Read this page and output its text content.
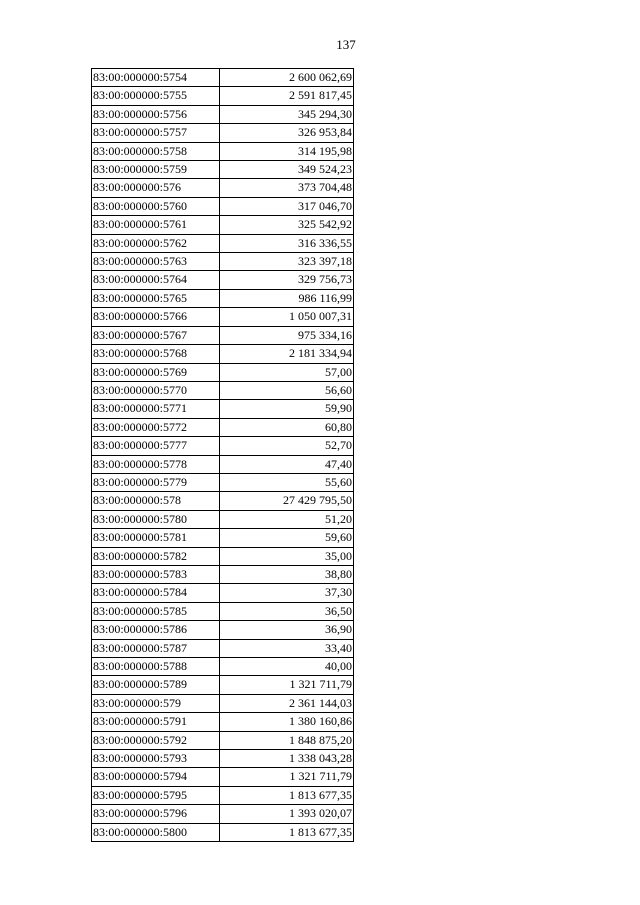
137
83:00:000000:5754	2 600 062,69
83:00:000000:5755	2 591 817,45
83:00:000000:5756	345 294,30
83:00:000000:5757	326 953,84
83:00:000000:5758	314 195,98
83:00:000000:5759	349 524,23
83:00:000000:576	373 704,48
83:00:000000:5760	317 046,70
83:00:000000:5761	325 542,92
83:00:000000:5762	316 336,55
83:00:000000:5763	323 397,18
83:00:000000:5764	329 756,73
83:00:000000:5765	986 116,99
83:00:000000:5766	1 050 007,31
83:00:000000:5767	975 334,16
83:00:000000:5768	2 181 334,94
83:00:000000:5769	57,00
83:00:000000:5770	56,60
83:00:000000:5771	59,90
83:00:000000:5772	60,80
83:00:000000:5777	52,70
83:00:000000:5778	47,40
83:00:000000:5779	55,60
83:00:000000:578	27 429 795,50
83:00:000000:5780	51,20
83:00:000000:5781	59,60
83:00:000000:5782	35,00
83:00:000000:5783	38,80
83:00:000000:5784	37,30
83:00:000000:5785	36,50
83:00:000000:5786	36,90
83:00:000000:5787	33,40
83:00:000000:5788	40,00
83:00:000000:5789	1 321 711,79
83:00:000000:579	2 361 144,03
83:00:000000:5791	1 380 160,86
83:00:000000:5792	1 848 875,20
83:00:000000:5793	1 338 043,28
83:00:000000:5794	1 321 711,79
83:00:000000:5795	1 813 677,35
83:00:000000:5796	1 393 020,07
83:00:000000:5800	1 813 677,35
